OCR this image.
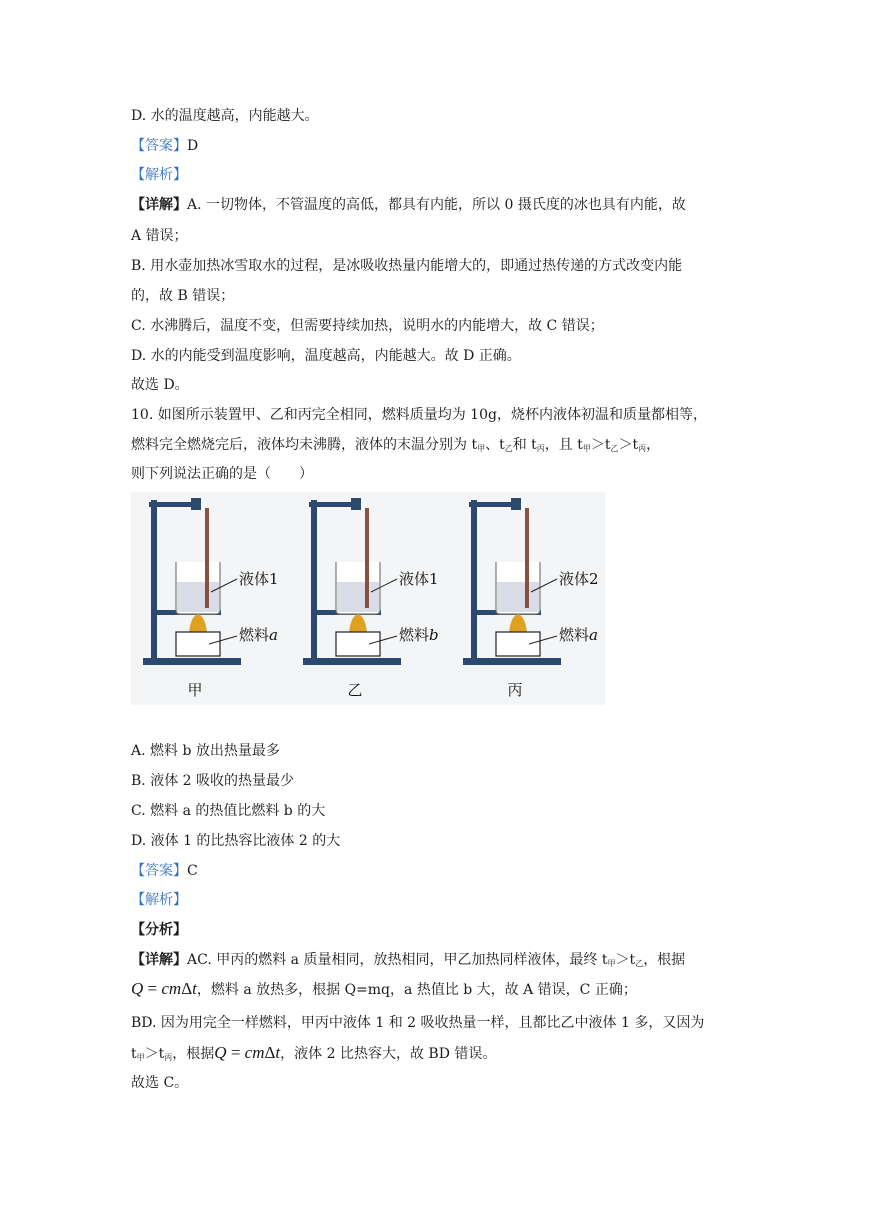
D. 水的温度越高，内能越大。
【答案】D
【解析】
【详解】A. 一切物体，不管温度的高低，都具有内能，所以 0 摄氏度的冰也具有内能，故
A 错误；
B. 用水壶加热冰雪取水的过程，是冰吸收热量内能增大的，即通过热传递的方式改变内能
的，故 B 错误；
C. 水沸腾后，温度不变，但需要持续加热，说明水的内能增大，故 C 错误；
D. 水的内能受到温度影响，温度越高，内能越大。故 D 正确。
故选 D。
10. 如图所示装置甲、乙和丙完全相同，燃料质量均为 10g，烧杯内液体初温和质量都相等，
燃料完全燃烧完后，液体均未沸腾，液体的末温分别为 $t_甲$、$t_乙$和 $t_丙$，且 $t_甲>t_乙>t_丙$，
则下列说法正确的是（　　）
液体1
燃料a
甲
液体1
燃料b
乙
液体2
燃料a
丙
A. 燃料 b 放出热量最多
B. 液体 2 吸收的热量最少
C. 燃料 a 的热值比燃料 b 的大
D. 液体 1 的比热容比液体 2 的大
【答案】C
【解析】
【分析】
【详解】AC. 甲丙的燃料 a 质量相同，放热相同，甲乙加热同样液体，最终 $t_甲>t_乙$，根据
Q = cmΔt，燃料 a 放热多，根据 Q=mq，a 热值比 b 大，故 A 错误，C 正确；
BD. 因为用完全一样燃料，甲丙中液体 1 和 2 吸收热量一样，且都比乙中液体 1 多，又因为
$t_甲>t_丙$，根据Q = cmΔt，液体 2 比热容大，故 BD 错误。
故选 C。
